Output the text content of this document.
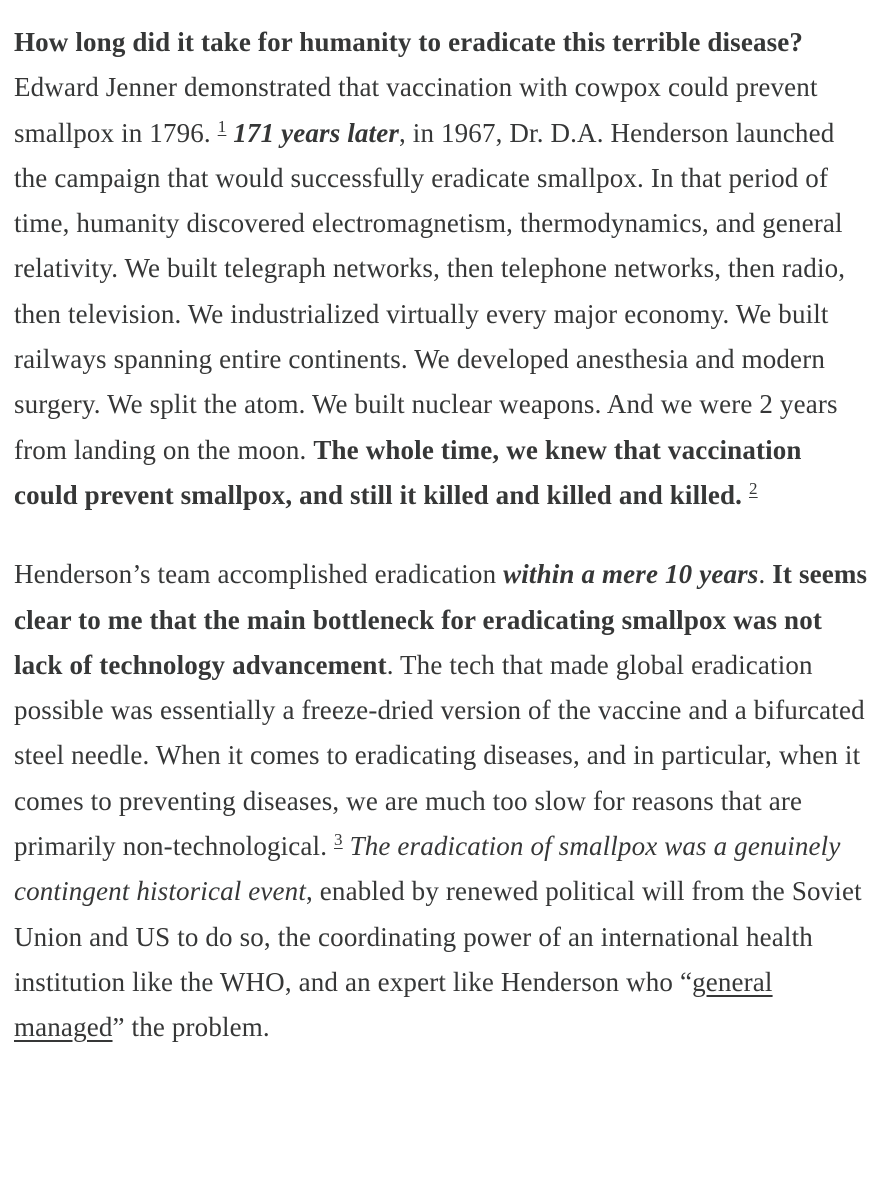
How long did it take for humanity to eradicate this terrible disease? Edward Jenner demonstrated that vaccination with cowpox could prevent smallpox in 1796. $^1$ 171 years later, in 1967, Dr. D.A. Henderson launched the campaign that would successfully eradicate smallpox. In that period of time, humanity discovered electromagnetism, thermodynamics, and general relativity. We built telegraph networks, then telephone networks, then radio, then television. We industrialized virtually every major economy. We built railways spanning entire continents. We developed anesthesia and modern surgery. We split the atom. We built nuclear weapons. And we were 2 years from landing on the moon. The whole time, we knew that vaccination could prevent smallpox, and still it killed and killed and killed. $^2$

Henderson’s team accomplished eradication within a mere 10 years. It seems clear to me that the main bottleneck for eradicating smallpox was not lack of technology advancement. The tech that made global eradication possible was essentially a freeze-dried version of the vaccine and a bifurcated steel needle. When it comes to eradicating diseases, and in particular, when it comes to preventing diseases, we are much too slow for reasons that are primarily non-technological. $^3$ The eradication of smallpox was a genuinely contingent historical event, enabled by renewed political will from the Soviet Union and US to do so, the coordinating power of an international health institution like the WHO, and an expert like Henderson who “general managed” the problem.
